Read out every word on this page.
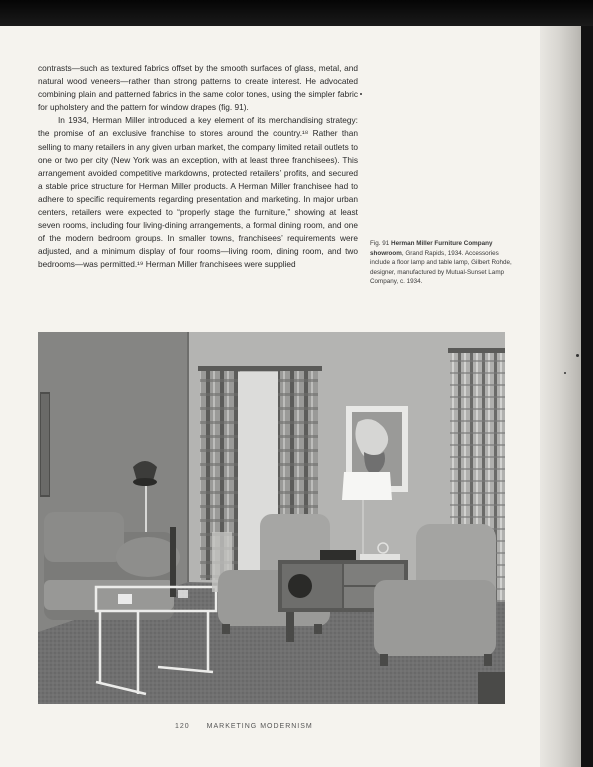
contrasts—such as textured fabrics offset by the smooth surfaces of glass, metal, and natural wood veneers—rather than strong patterns to create interest. He advocated combining plain and patterned fabrics in the same color tones, using the simpler fabric for upholstery and the pattern for window drapes (fig. 91).

In 1934, Herman Miller introduced a key element of its merchandising strategy: the promise of an exclusive franchise to stores around the country.¹⁸ Rather than selling to many retailers in any given urban market, the company limited retail outlets to one or two per city (New York was an exception, with at least three franchisees). This arrangement avoided competitive markdowns, protected retailers’ profits, and secured a stable price structure for Herman Miller products. A Herman Miller franchisee had to adhere to specific requirements regarding presentation and marketing. In major urban centers, retailers were expected to “properly stage the furniture,” showing at least seven rooms, including four living-dining arrangements, a formal dining room, and one of the modern bedroom groups. In smaller towns, franchisees’ requirements were adjusted, and a minimum display of four rooms—living room, dining room, and two bedrooms—was permitted.¹⁹ Herman Miller franchisees were supplied

Fig. 91 Herman Miller Furniture Company showroom, Grand Rapids, 1934. Accessories include a floor lamp and table lamp, Gilbert Rohde, designer, manufactured by Mutual-Sunset Lamp Company, c. 1934.
120 MARKETING MODERNISM
